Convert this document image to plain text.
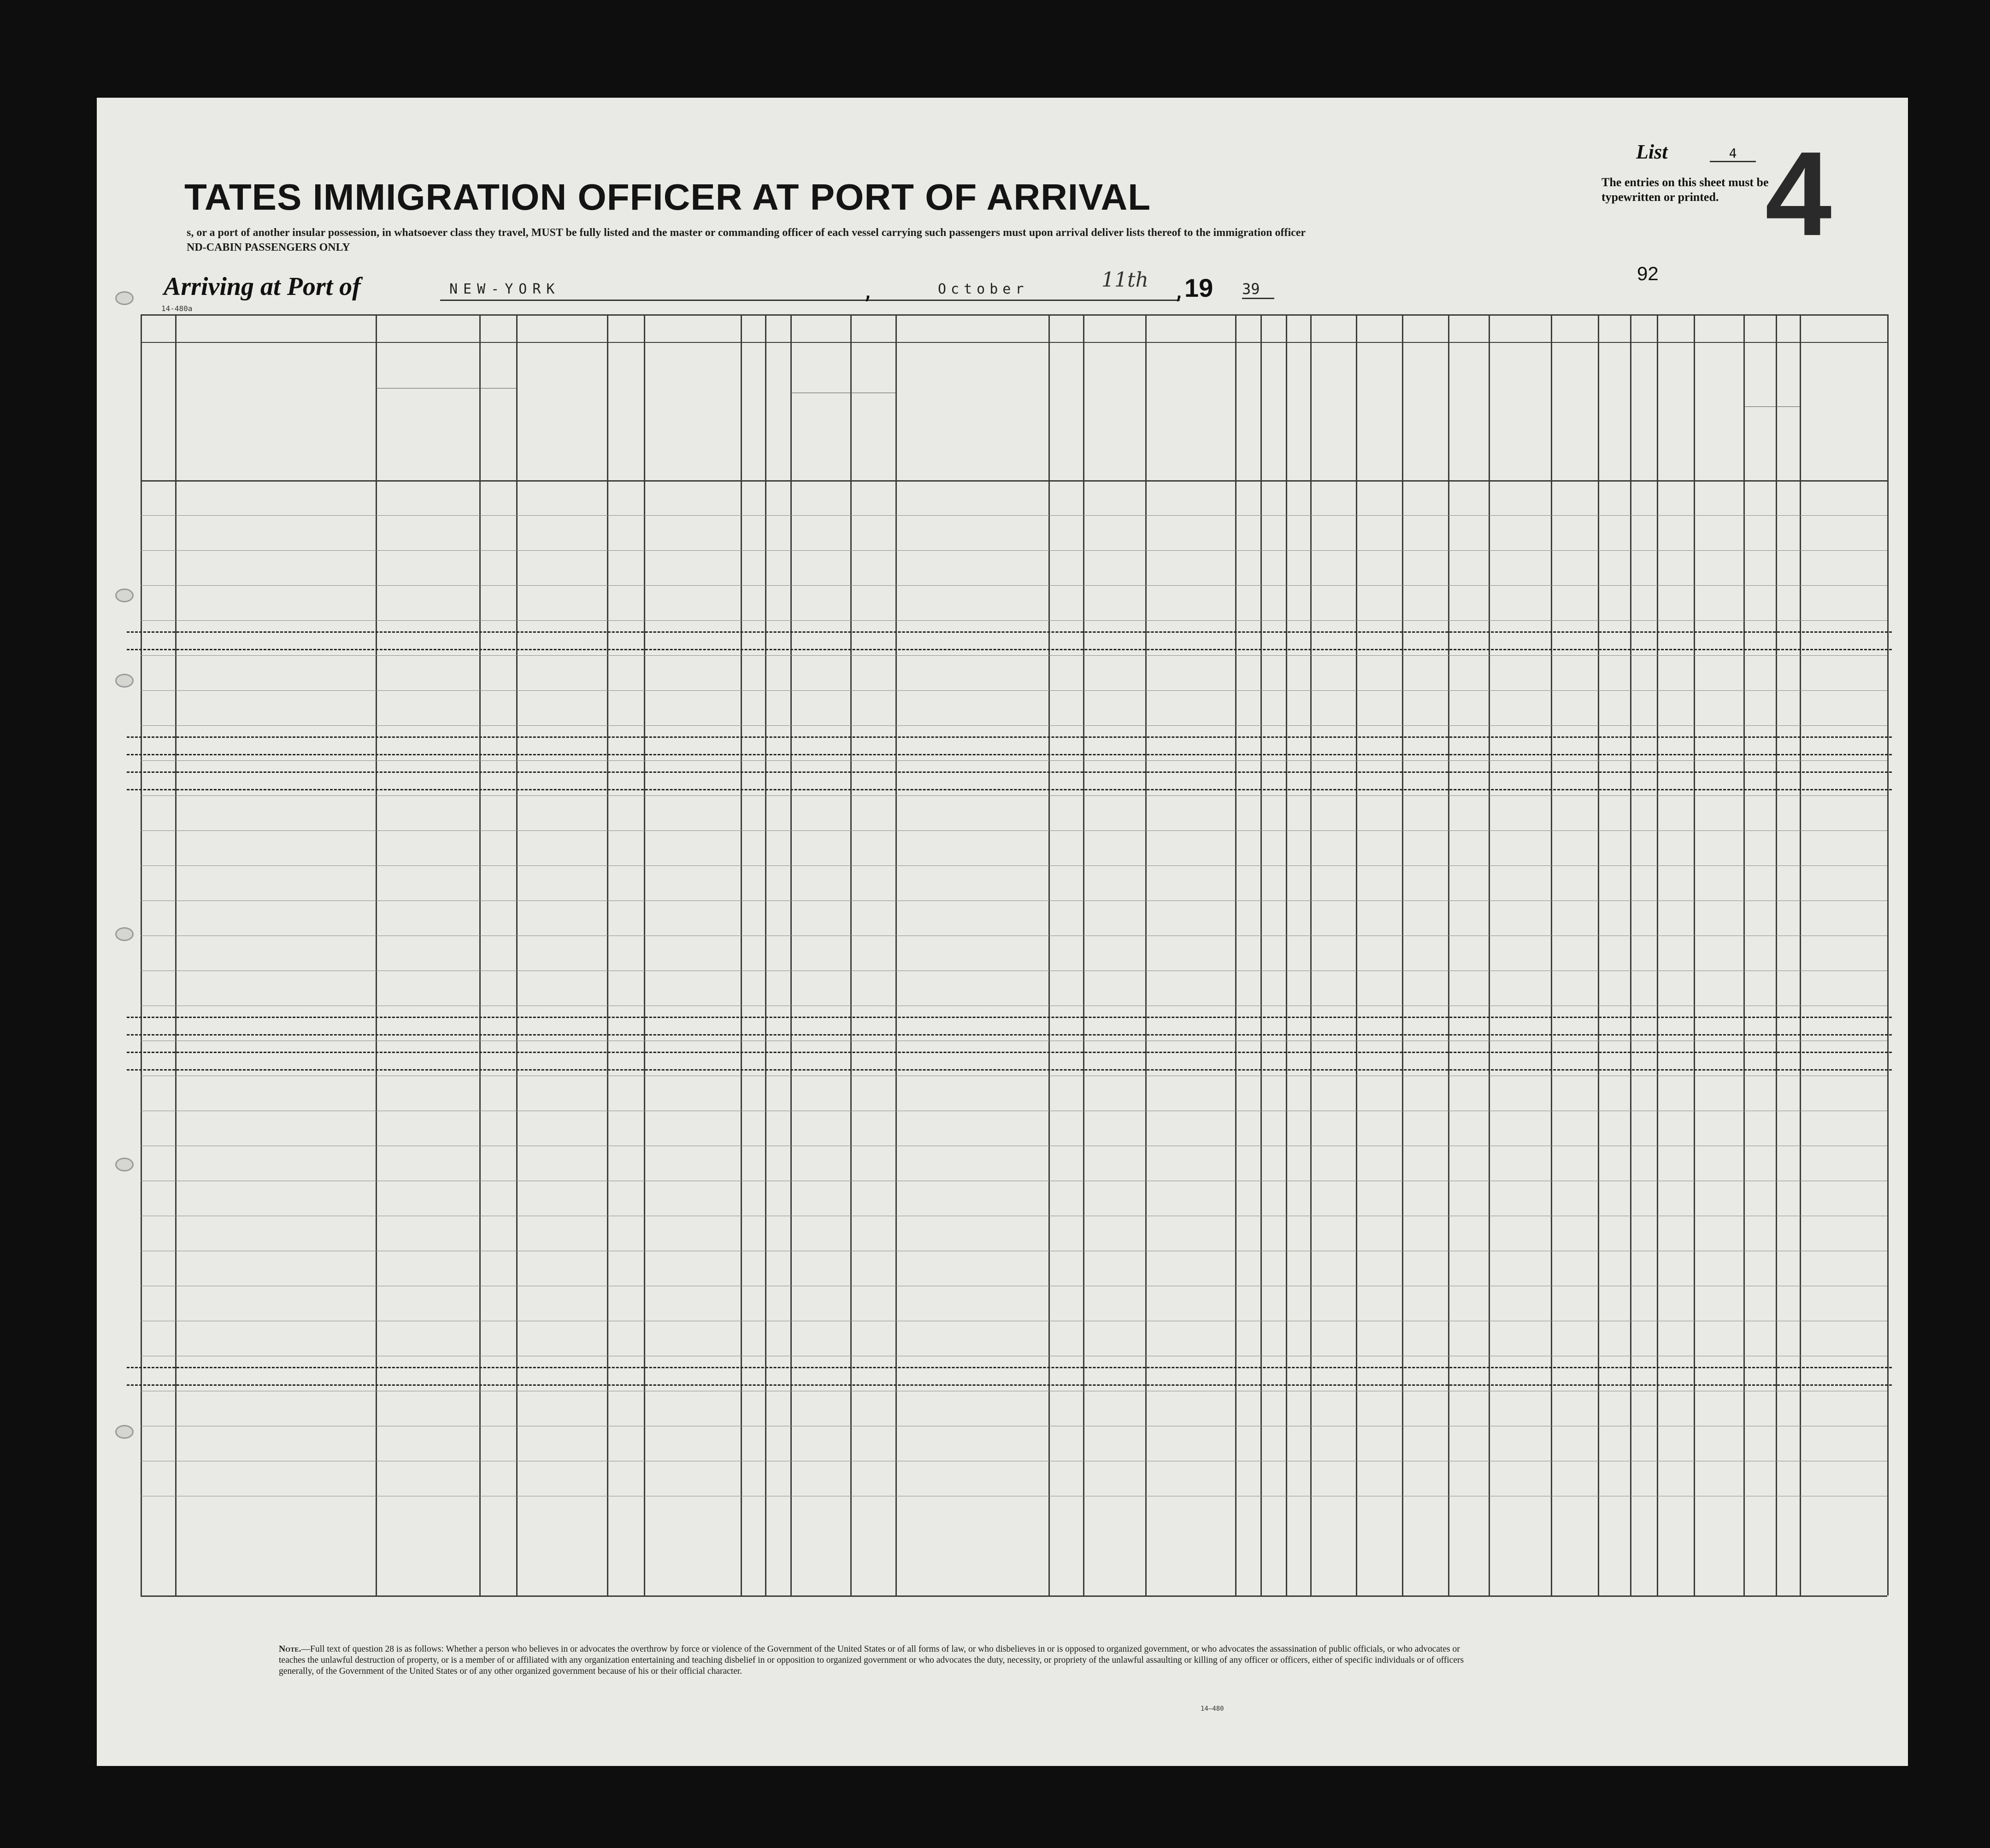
TATES IMMIGRATION OFFICER AT PORT OF ARRIVAL
s, or a port of another insular possession, in whatsoever class they travel, MUST be fully listed and the master or commanding officer of each vessel carrying such passengers must upon arrival deliver lists thereof to the immigration officer
ND-CABIN PASSENGERS ONLY
List	4 4
The entries on this sheet must be typewritten or printed.
92
Arriving at Port of	NEW-YORK	,	October	11th
,
19 39
14-480a
Note.—Full text of question 28 is as follows: Whether a person who believes in or advocates the overthrow by force or violence of the Government of the United States or of all forms of law, or who disbelieves in or is opposed to organized government, or who advocates the assassination of public officials, or who advocates or teaches the unlawful destruction of property, or is a member of or affiliated with any organization entertaining and teaching disbelief in or opposition to organized government or who advocates the duty, necessity, or propriety of the unlawful assaulting or killing of any officer or officers, either of specific individuals or of officers generally, of the Government of the United States or of any other organized government because of his or their official character.
14—480
